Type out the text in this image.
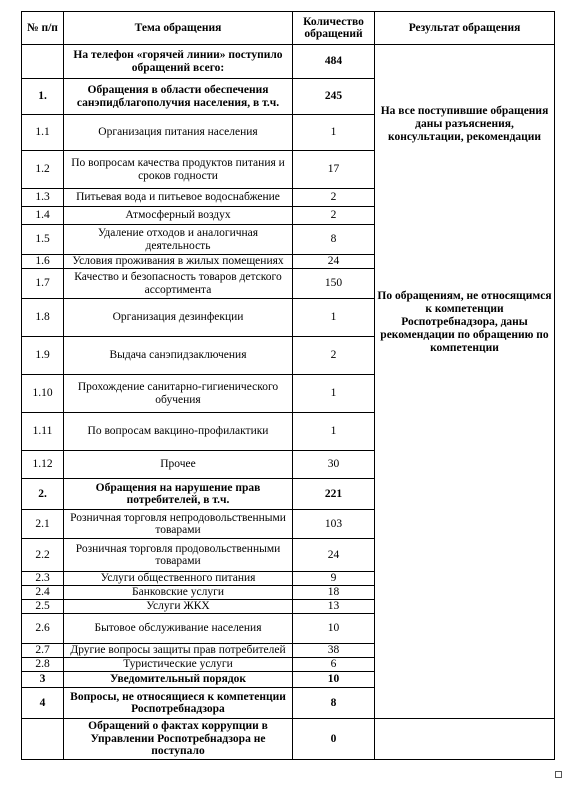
№ п/п	Тема обращения	Количество обращений	Результат обращения
	На телефон «горячей линии» поступило обращений всего:	484	На все поступившие обращения даны разъяснения, консультации, рекомендации
По обращениям, не относящимся к компетенции Роспотребнадзора, даны рекомендации по обращению по компетенции

1.	Обращения в области обеспечения санэпидблагополучия населения, в т.ч.	245	
1.1	Организация питания населения	1	
1.2	По вопросам качества продуктов питания и сроков годности	17	
1.3	Питьевая вода и питьевое водоснабжение	2	
1.4	Атмосферный воздух	2	
1.5	Удаление отходов и аналогичная деятельность	8	
1.6	Условия проживания в жилых помещениях	24	
1.7	Качество и безопасность товаров детского ассортимента	150	
1.8	Организация дезинфекции	1	
1.9	Выдача санэпидзаключения	2	
1.10	Прохождение санитарно-гигиенического обучения	1	
1.11	По вопросам вакцино-профилактики	1	
1.12	Прочее	30	
2.	Обращения на нарушение прав потребителей, в т.ч.	221	
2.1	Розничная торговля непродовольственными товарами	103	
2.2	Розничная торговля продовольственными товарами	24	
2.3	Услуги общественного питания	9	
2.4	Банковские услуги	18	
2.5	Услуги ЖКХ	13	
2.6	Бытовое обслуживание населения	10	
2.7	Другие вопросы защиты прав потребителей	38	
2.8	Туристические услуги	6	
3	Уведомительный порядок	10	
4	Вопросы, не относящиеся к компетенции Роспотребнадзора	8	
	Обращений о фактах коррупции в Управлении Роспотребнадзора не поступало	0	
